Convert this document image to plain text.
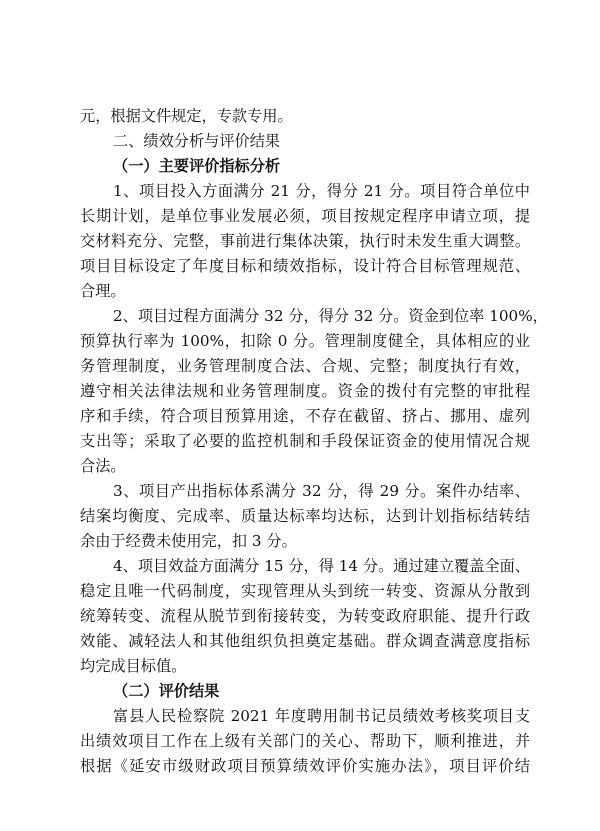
元，根据文件规定，专款专用。
二、绩效分析与评价结果
（一）主要评价指标分析
1、项目投入方面满分 21 分，得分 21 分。项目符合单位中
长期计划，是单位事业发展必须，项目按规定程序申请立项，提
交材料充分、完整，事前进行集体决策，执行时未发生重大调整。
项目目标设定了年度目标和绩效指标，设计符合目标管理规范、
合理。
2、项目过程方面满分 32 分，得分 32 分。资金到位率 100%，
预算执行率为 100%，扣除 0 分。管理制度健全，具体相应的业
务管理制度，业务管理制度合法、合规、完整；制度执行有效，
遵守相关法律法规和业务管理制度。资金的拨付有完整的审批程
序和手续，符合项目预算用途，不存在截留、挤占、挪用、虚列
支出等；采取了必要的监控机制和手段保证资金的使用情况合规
合法。
3、项目产出指标体系满分 32 分，得 29 分。案件办结率、
结案均衡度、完成率、质量达标率均达标，达到计划指标结转结
余由于经费未使用完，扣 3 分。
4、项目效益方面满分 15 分，得 14 分。通过建立覆盖全面、
稳定且唯一代码制度，实现管理从头到统一转变、资源从分散到
统筹转变、流程从脱节到衔接转变，为转变政府职能、提升行政
效能、减轻法人和其他组织负担奠定基础。群众调查满意度指标
均完成目标值。
（二）评价结果
富县人民检察院 2021 年度聘用制书记员绩效考核奖项目支
出绩效项目工作在上级有关部门的关心、帮助下，顺利推进，并
根据《延安市级财政项目预算绩效评价实施办法》，项目评价结
